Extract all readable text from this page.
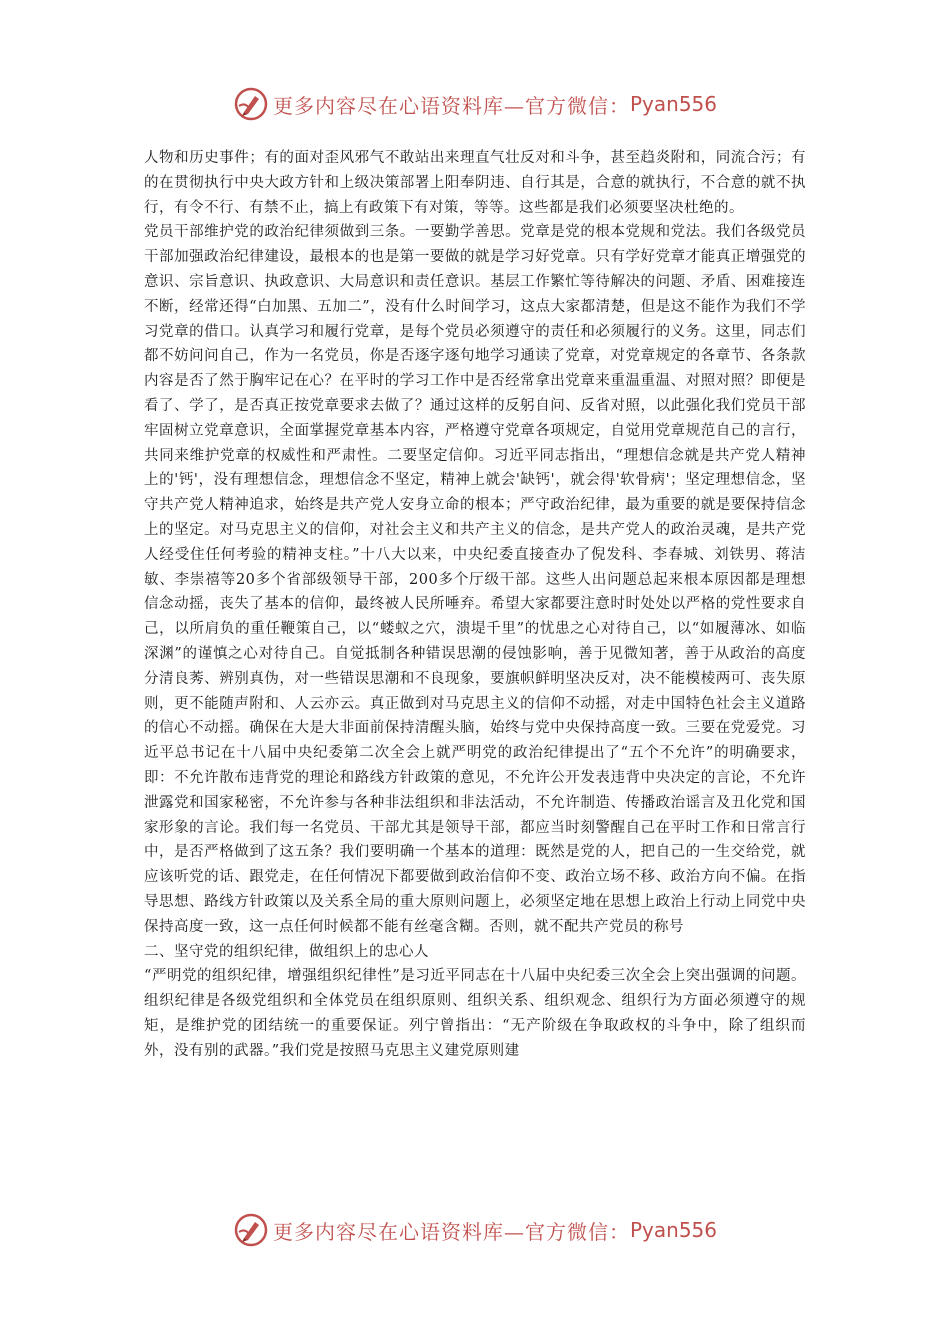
更多内容尽在心语资料库—官方微信： Pyan556

人物和历史事件；有的面对歪风邪气不敢站出来理直气壮反对和斗争，甚至趋炎附和，同流合污；有的在贯彻执行中央大政方针和上级决策部署上阳奉阴违、自行其是，合意的就执行，不合意的就不执行，有令不行、有禁不止，搞上有政策下有对策，等等。这些都是我们必须要坚决杜绝的。

党员干部维护党的政治纪律须做到三条。一要勤学善思。党章是党的根本党规和党法。我们各级党员干部加强政治纪律建设，最根本的也是第一要做的就是学习好党章。只有学好党章才能真正增强党的意识、宗旨意识、执政意识、大局意识和责任意识。基层工作繁忙等待解决的问题、矛盾、困难接连不断，经常还得“白加黑、五加二”，没有什么时间学习，这点大家都清楚，但是这不能作为我们不学习党章的借口。认真学习和履行党章，是每个党员必须遵守的责任和必须履行的义务。这里，同志们都不妨问问自己，作为一名党员，你是否逐字逐句地学习通读了党章，对党章规定的各章节、各条款内容是否了然于胸牢记在心？在平时的学习工作中是否经常拿出党章来重温重温、对照对照？即便是看了、学了，是否真正按党章要求去做了？通过这样的反躬自问、反省对照，以此强化我们党员干部牢固树立党章意识，全面掌握党章基本内容，严格遵守党章各项规定，自觉用党章规范自己的言行，共同来维护党章的权威性和严肃性。二要坚定信仰。习近平同志指出，“理想信念就是共产党人精神上的'钙'，没有理想信念，理想信念不坚定，精神上就会'缺钙'，就会得'软骨病'；坚定理想信念，坚守共产党人精神追求，始终是共产党人安身立命的根本；严守政治纪律，最为重要的就是要保持信念上的坚定。对马克思主义的信仰，对社会主义和共产主义的信念，是共产党人的政治灵魂，是共产党人经受住任何考验的精神支柱。”十八大以来，中央纪委直接查办了倪发科、李春城、刘铁男、蒋洁敏、李崇禧等20多个省部级领导干部，200多个厅级干部。这些人出问题总起来根本原因都是理想信念动摇，丧失了基本的信仰，最终被人民所唾弃。希望大家都要注意时时处处以严格的党性要求自己，以所肩负的重任鞭策自己，以“蝼蚁之穴，溃堤千里”的忧患之心对待自己，以“如履薄冰、如临深渊”的谨慎之心对待自己。自觉抵制各种错误思潮的侵蚀影响，善于见微知著，善于从政治的高度分清良莠、辨别真伪，对一些错误思潮和不良现象，要旗帜鲜明坚决反对，决不能模棱两可、丧失原则，更不能随声附和、人云亦云。真正做到对马克思主义的信仰不动摇，对走中国特色社会主义道路的信心不动摇。确保在大是大非面前保持清醒头脑，始终与党中央保持高度一致。三要在党爱党。习近平总书记在十八届中央纪委第二次全会上就严明党的政治纪律提出了“五个不允许”的明确要求，即：不允许散布违背党的理论和路线方针政策的意见，不允许公开发表违背中央决定的言论，不允许泄露党和国家秘密，不允许参与各种非法组织和非法活动，不允许制造、传播政治谣言及丑化党和国家形象的言论。我们每一名党员、干部尤其是领导干部，都应当时刻警醒自己在平时工作和日常言行中，是否严格做到了这五条？我们要明确一个基本的道理：既然是党的人，把自己的一生交给党，就应该听党的话、跟党走，在任何情况下都要做到政治信仰不变、政治立场不移、政治方向不偏。在指导思想、路线方针政策以及关系全局的重大原则问题上，必须坚定地在思想上政治上行动上同党中央保持高度一致，这一点任何时候都不能有丝毫含糊。否则，就不配共产党员的称号

二、坚守党的组织纪律，做组织上的忠心人

“严明党的组织纪律，增强组织纪律性”是习近平同志在十八届中央纪委三次全会上突出强调的问题。组织纪律是各级党组织和全体党员在组织原则、组织关系、组织观念、组织行为方面必须遵守的规矩，是维护党的团结统一的重要保证。列宁曾指出：“无产阶级在争取政权的斗争中，除了组织而外，没有别的武器。”我们党是按照马克思主义建党原则建

更多内容尽在心语资料库—官方微信： Pyan556
